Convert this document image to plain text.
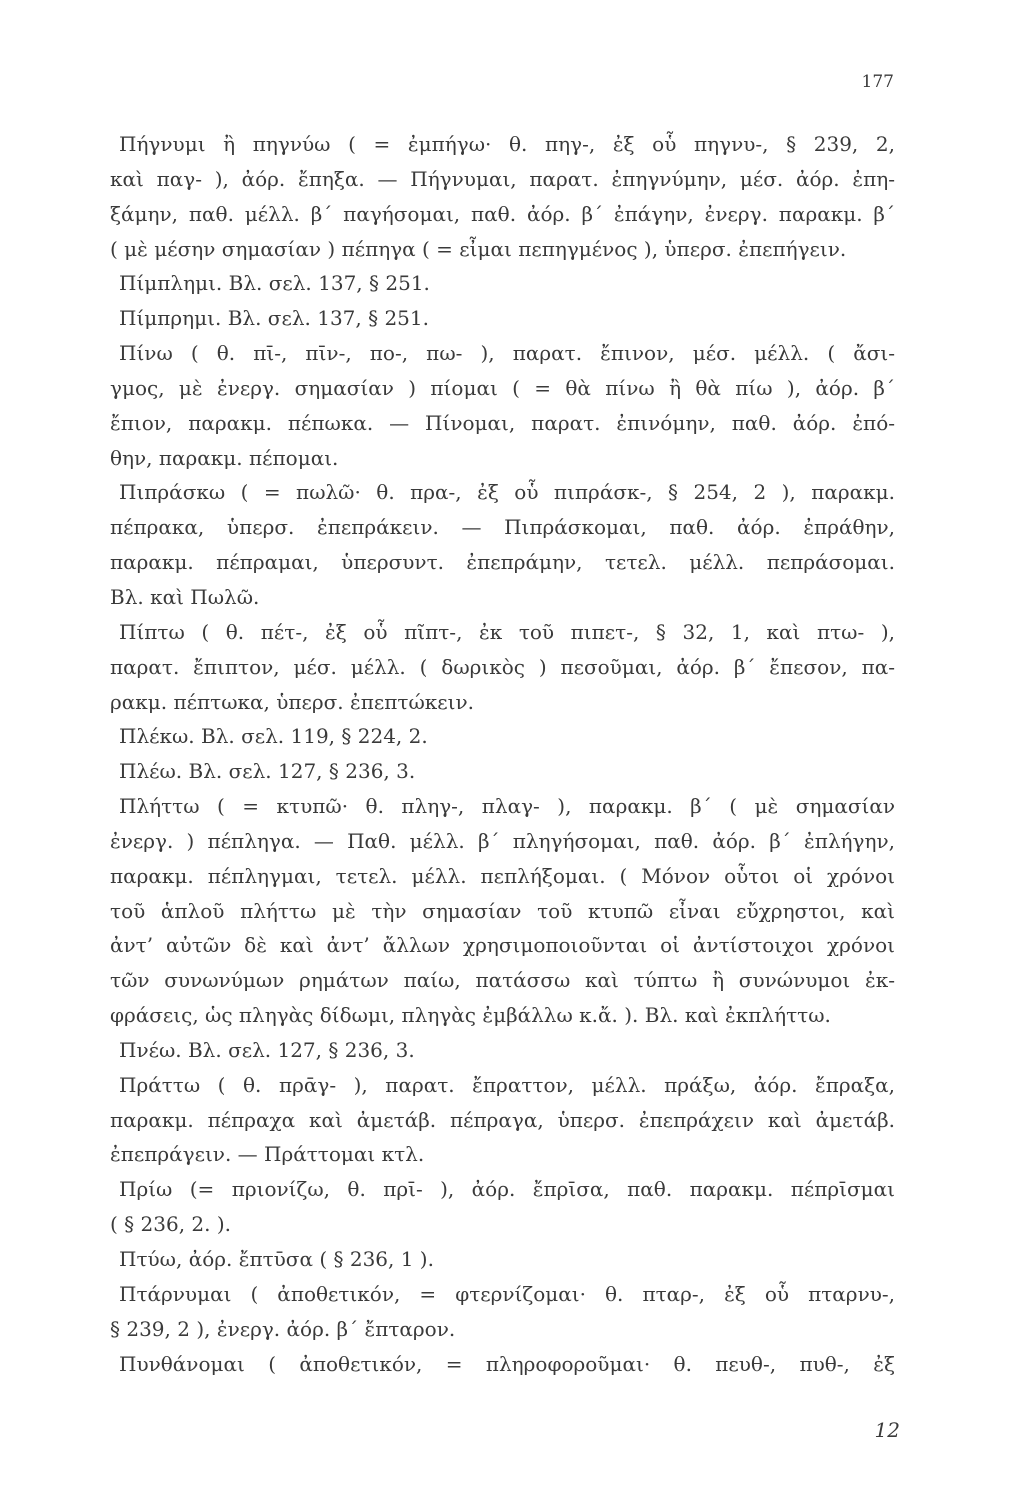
177
Πήγνυμι ἢ πηγνύω ( = ἐμπήγω· θ. πηγ-, ἐξ οὗ πηγνυ-, § 239, 2,
καὶ παγ- ), ἀόρ. ἔπηξα. — Πήγνυμαι, παρατ. ἐπηγνύμην, μέσ. ἀόρ. ἐπη-
ξάμην, παθ. μέλλ. β΄ παγήσομαι, παθ. ἀόρ. β΄ ἐπάγην, ἐνεργ. παρακμ. β΄
( μὲ μέσην σημασίαν ) πέπηγα ( = εἶμαι πεπηγμένος ), ὑπερσ. ἐπεπήγειν.
Πίμπλημι. Βλ. σελ. 137, § 251.
Πίμπρημι. Βλ. σελ. 137, § 251.
Πίνω ( θ. πῑ-, πῑν-, πο-, πω- ), παρατ. ἔπινον, μέσ. μέλλ. ( ἄσι-
γμος, μὲ ἐνεργ. σημασίαν ) πίομαι ( = θὰ πίνω ἢ θὰ πίω ), ἀόρ. β΄
ἔπιον, παρακμ. πέπωκα. — Πίνομαι, παρατ. ἐπινόμην, παθ. ἀόρ. ἐπό-
θην, παρακμ. πέπομαι.
Πιπράσκω ( = πωλῶ· θ. πρα-, ἐξ οὗ πιπράσκ-, § 254, 2 ), παρακμ.
πέπρακα, ὑπερσ. ἐπεπράκειν. — Πιπράσκομαι, παθ. ἀόρ. ἐπράθην,
παρακμ. πέπραμαι, ὑπερσυντ. ἐπεπράμην, τετελ. μέλλ. πεπράσομαι.
Βλ. καὶ Πωλῶ.
Πίπτω ( θ. πέτ-, ἐξ οὗ πῖπτ-, ἐκ τοῦ πιπετ-, § 32, 1, καὶ πτω- ),
παρατ. ἔπιπτον, μέσ. μέλλ. ( δωρικὸς ) πεσοῦμαι, ἀόρ. β΄ ἔπεσον, πα-
ρακμ. πέπτωκα, ὑπερσ. ἐπεπτώκειν.
Πλέκω. Βλ. σελ. 119, § 224, 2.
Πλέω. Βλ. σελ. 127, § 236, 3.
Πλήττω ( = κτυπῶ· θ. πληγ-, πλαγ- ), παρακμ. β΄ ( μὲ σημασίαν
ἐνεργ. ) πέπληγα. — Παθ. μέλλ. β΄ πληγήσομαι, παθ. ἀόρ. β΄ ἐπλήγην,
παρακμ. πέπληγμαι, τετελ. μέλλ. πεπλήξομαι. ( Μόνον οὗτοι οἱ χρόνοι
τοῦ ἁπλοῦ πλήττω μὲ τὴν σημασίαν τοῦ κτυπῶ εἶναι εὔχρηστοι, καὶ
ἀντ’ αὐτῶν δὲ καὶ ἀντ’ ἄλλων χρησιμοποιοῦνται οἱ ἀντίστοιχοι χρόνοι
τῶν συνωνύμων ρημάτων παίω, πατάσσω καὶ τύπτω ἢ συνώνυμοι ἐκ-
φράσεις, ὡς πληγὰς δίδωμι, πληγὰς ἐμβάλλω κ.ἄ. ). Βλ. καὶ ἐκπλήττω.
Πνέω. Βλ. σελ. 127, § 236, 3.
Πράττω ( θ. πρᾱγ- ), παρατ. ἔπραττον, μέλλ. πράξω, ἀόρ. ἔπραξα,
παρακμ. πέπραχα καὶ ἀμετάβ. πέπραγα, ὑπερσ. ἐπεπράχειν καὶ ἀμετάβ.
ἐπεπράγειν. — Πράττομαι κτλ.
Πρίω (= πριονίζω, θ. πρῑ- ), ἀόρ. ἔπρῑσα, παθ. παρακμ. πέπρῑσμαι
( § 236, 2. ).
Πτύω, ἀόρ. ἔπτῡσα ( § 236, 1 ).
Πτάρνυμαι ( ἀποθετικόν, = φτερνίζομαι· θ. πταρ-, ἐξ οὗ πταρνυ-,
§ 239, 2 ), ἐνεργ. ἀόρ. β΄ ἔπταρον.
Πυνθάνομαι ( ἀποθετικόν, = πληροφοροῦμαι· θ. πευθ-, πυθ-, ἐξ
12
